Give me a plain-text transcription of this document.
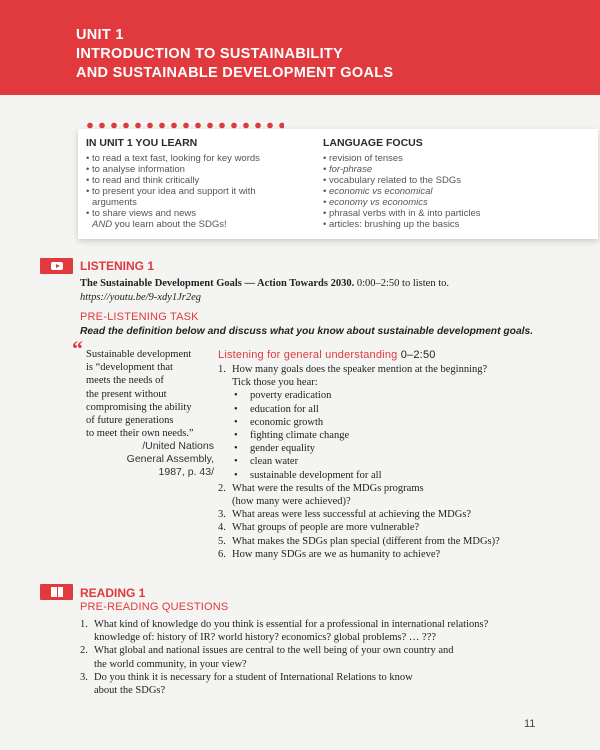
UNIT 1
INTRODUCTION TO SUSTAINABILITY
AND SUSTAINABLE DEVELOPMENT GOALS
IN UNIT 1 YOU LEARN
• to read a text fast, looking for key words
• to analyse information
• to read and think critically
• to present your idea and support it with
arguments
• to share views and news
AND you learn about the SDGs!
LANGUAGE FOCUS
• revision of tenses
• for-phrase
• vocabulary related to the SDGs
• economic vs economical
• economy vs economics
• phrasal verbs with in & into particles
• articles: brushing up the basics
LISTENING 1
The Sustainable Development Goals — Action Towards 2030. 0:00–2:50 to listen to.
https://youtu.be/9-xdy1Jr2eg
PRE-LISTENING TASK
Read the definition below and discuss what you know about sustainable development goals.
“ Sustainable development
is “development that
meets the needs of
the present without
compromising the ability
of future generations
to meet their own needs.”
/United Nations
General Assembly,
1987, p. 43/
Listening for general understanding 0–2:50
1. How many goals does the speaker mention at the beginning?
Tick those you hear:
• poverty eradication
• education for all
• economic growth
• fighting climate change
• gender equality
• clean water
• sustainable development for all
2. What were the results of the MDGs programs
(how many were achieved)?
3. What areas were less successful at achieving the MDGs?
4. What groups of people are more vulnerable?
5. What makes the SDGs plan special (different from the MDGs)?
6. How many SDGs are we as humanity to achieve?
READING 1
PRE-READING QUESTIONS
1. What kind of knowledge do you think is essential for a professional in international relations?
knowledge of: history of IR? world history? economics? global problems? … ???
2. What global and national issues are central to the well being of your own country and
the world community, in your view?
3. Do you think it is necessary for a student of International Relations to know
about the SDGs?
11
